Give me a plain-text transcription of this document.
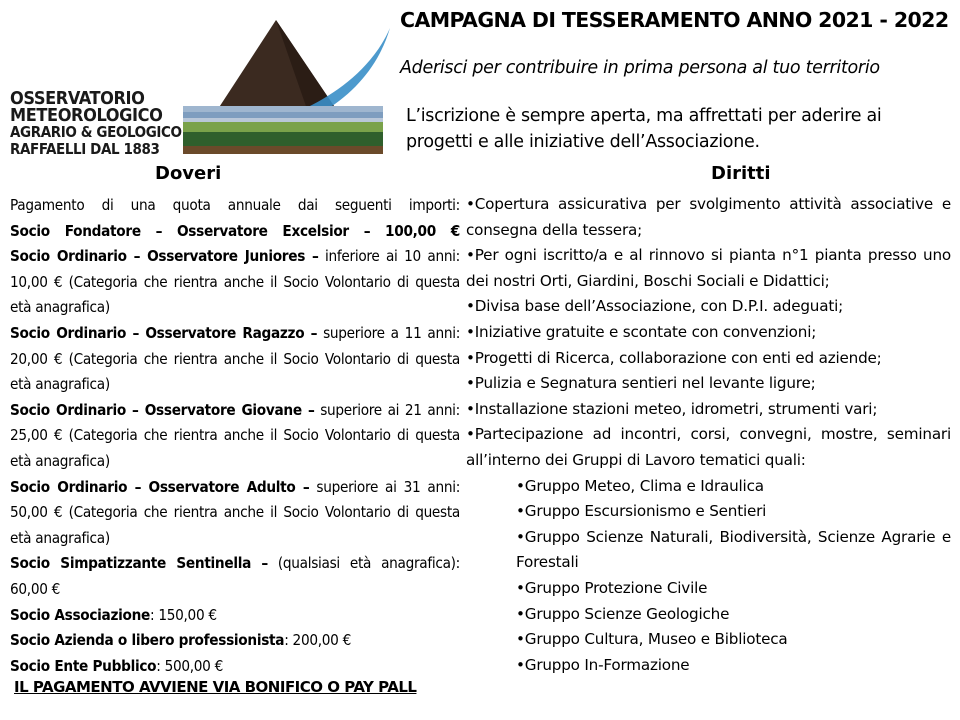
OSSERVATORIO
METEOROLOGICO
AGRARIO & GEOLOGICO
RAFFAELLI DAL 1883
CAMPAGNA DI TESSERAMENTO ANNO 2021 - 2022
Aderisci per contribuire in prima persona al tuo territorio
L’iscrizione è sempre aperta, ma affrettati per aderire ai progetti e alle iniziative dell’Associazione.
Doveri	Diritti

Pagamento di una quota annuale dai seguenti importi:

Socio Fondatore – Osservatore Excelsior – 100,00 €

Socio Ordinario – Osservatore Juniores – inferiore ai 10 anni: 10,00 € (Categoria che rientra anche il Socio Volontario di questa età anagrafica)

Socio Ordinario – Osservatore Ragazzo – superiore a 11 anni: 20,00 € (Categoria che rientra anche il Socio Volontario di questa età anagrafica)

Socio Ordinario – Osservatore Giovane – superiore ai 21 anni: 25,00 € (Categoria che rientra anche il Socio Volontario di questa età anagrafica)

Socio Ordinario – Osservatore Adulto – superiore ai 31 anni: 50,00 € (Categoria che rientra anche il Socio Volontario di questa età anagrafica)

Socio Simpatizzante Sentinella – (qualsiasi età anagrafica): 60,00 €

Socio Associazione: 150,00 €

Socio Azienda o libero professionista: 200,00 €

Socio Ente Pubblico: 500,00 €

IL PAGAMENTO AVVIENE VIA BONIFICO O PAY PALL

•Copertura assicurativa per svolgimento attività associative e consegna della tessera;

•Per ogni iscritto/a e al rinnovo si pianta n°1 pianta presso uno dei nostri Orti, Giardini, Boschi Sociali e Didattici;

•Divisa base dell’Associazione, con D.P.I. adeguati;

•Iniziative gratuite e scontate con convenzioni;

•Progetti di Ricerca, collaborazione con enti ed aziende;

•Pulizia e Segnatura sentieri nel levante ligure;

•Installazione stazioni meteo, idrometri, strumenti vari;

•Partecipazione ad incontri, corsi, convegni, mostre, seminari all’interno dei Gruppi di Lavoro tematici quali:

•Gruppo Meteo, Clima e Idraulica

•Gruppo Escursionismo e Sentieri

•Gruppo Scienze Naturali, Biodiversità, Scienze Agrarie e Forestali

•Gruppo Protezione Civile

•Gruppo Scienze Geologiche

•Gruppo Cultura, Museo e Biblioteca

•Gruppo In-Formazione
